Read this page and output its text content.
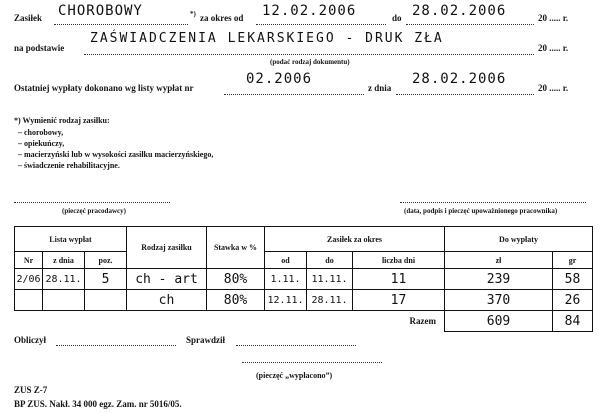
Zasiłek CHOROBOWY	*) za okres od 12.02.2006	do 28.02.2006	20 ..... r.
na podstawie
ZAŚWIADCZENIA LEKARSKIEGO - DRUK ZŁA
20 ..... r.
(podać rodzaj dokumentu)
Ostatniej wypłaty dokonano wg listy wypłat nr
02.2006
z dnia
28.02.2006
20 ..... r.
*) Wymienić rodzaj zasiłku:
– chorobowy,
– opiekuńczy,
– macierzyński lub w wysokości zasiłku macierzyńskiego,
– świadczenie rehabilitacyjne.
(pieczęć pracodawcy)	(data, podpis i pieczęć upoważnionego pracownika)
Lista wypłat			Rodzaj zasiłku	Stawka w %	Zasiłek za okres			Do wypłaty	
Nr	z dnia	poz.			od	do	liczba dni	zł	gr
2/06	28.11.	5	ch - art	80%	1.11.	11.11.	11	239	58
			ch	80%	12.11.	28.11.	17	370	26
							Razem	609	84
Obliczył	Sprawdził
(pieczęć „wypłacono”)
ZUS Z-7
BP ZUS. Nakł. 34 000 egz. Zam. nr 5016/05.
